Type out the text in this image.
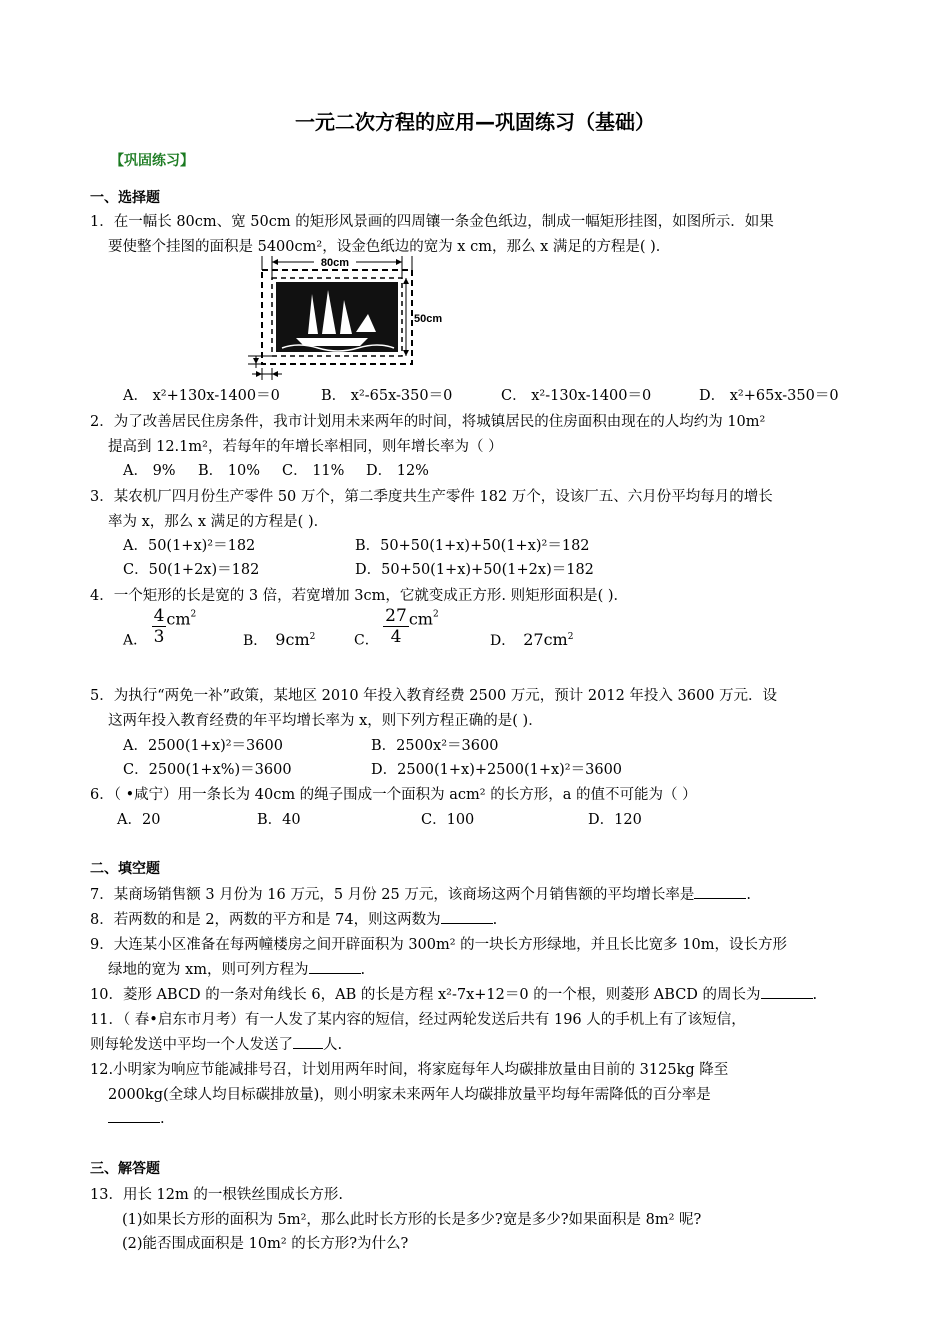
一元二次方程的应用—巩固练习（基础）
【巩固练习】
一、选择题
1．在一幅长 80cm、宽 50cm 的矩形风景画的四周镶一条金色纸边，制成一幅矩形挂图，如图所示．如果
要使整个挂图的面积是 5400cm²，设金色纸边的宽为 x cm，那么 x 满足的方程是( )．
80cm
50cm
A． x²+130x-1400＝0	B． x²-65x-350＝0	C． x²-130x-1400＝0	D． x²+65x-350＝0
2．为了改善居民住房条件，我市计划用未来两年的时间，将城镇居民的住房面积由现在的人均约为 10m²
提高到 12.1m²，若每年的年增长率相同，则年增长率为（ ）
A． 9% B． 10% C． 11% D． 12%
3．某农机厂四月份生产零件 50 万个，第二季度共生产零件 182 万个，设该厂五、六月份平均每月的增长
率为 x，那么 x 满足的方程是( )．
A．50(1+x)²＝182	B．50+50(1+x)+50(1+x)²＝182
C．50(1+2x)＝182	D．50+50(1+x)+50(1+2x)＝182
4．一个矩形的长是宽的 3 倍，若宽增加 3cm，它就变成正方形. 则矩形面积是( )．
A． $\frac{4}{3} cm^2$
B． $9cm^2$	C． $\frac{27}{4} cm^2$
D． $27cm^2$
5．为执行“两免一补”政策，某地区 2010 年投入教育经费 2500 万元，预计 2012 年投入 3600 万元．设
这两年投入教育经费的年平均增长率为 x，则下列方程正确的是( )．
A．2500(1+x)²＝3600	B．2500x²＝3600
C．2500(1+x%)＝3600	D．2500(1+x)+2500(1+x)²＝3600
6．（ •咸宁）用一条长为 40cm 的绳子围成一个面积为 acm² 的长方形，a 的值不可能为（ ）
A．20	B．40	C．100	D．120
二、填空题
7．某商场销售额 3 月份为 16 万元，5 月份 25 万元，该商场这两个月销售额的平均增长率是	.
8．若两数的和是 2，两数的平方和是 74，则这两数为	.
9．大连某小区准备在每两幢楼房之间开辟面积为 300m² 的一块长方形绿地，并且长比宽多 10m，设长方形
绿地的宽为 xm，则可列方程为	.
10．菱形 ABCD 的一条对角线长 6，AB 的长是方程 x²-7x+12＝0 的一个根，则菱形 ABCD 的周长为	.
11．（ 春•启东市月考）有一人发了某内容的短信，经过两轮发送后共有 196 人的手机上有了该短信，
则每轮发送中平均一个人发送了 人.
12.小明家为响应节能减排号召，计划用两年时间，将家庭每年人均碳排放量由目前的 3125kg 降至
2000kg(全球人均目标碳排放量)，则小明家未来两年人均碳排放量平均每年需降低的百分率是
.
三、解答题
13．用长 12m 的一根铁丝围成长方形.
(1)如果长方形的面积为 5m²，那么此时长方形的长是多少?宽是多少?如果面积是 8m² 呢?
(2)能否围成面积是 10m² 的长方形?为什么?
